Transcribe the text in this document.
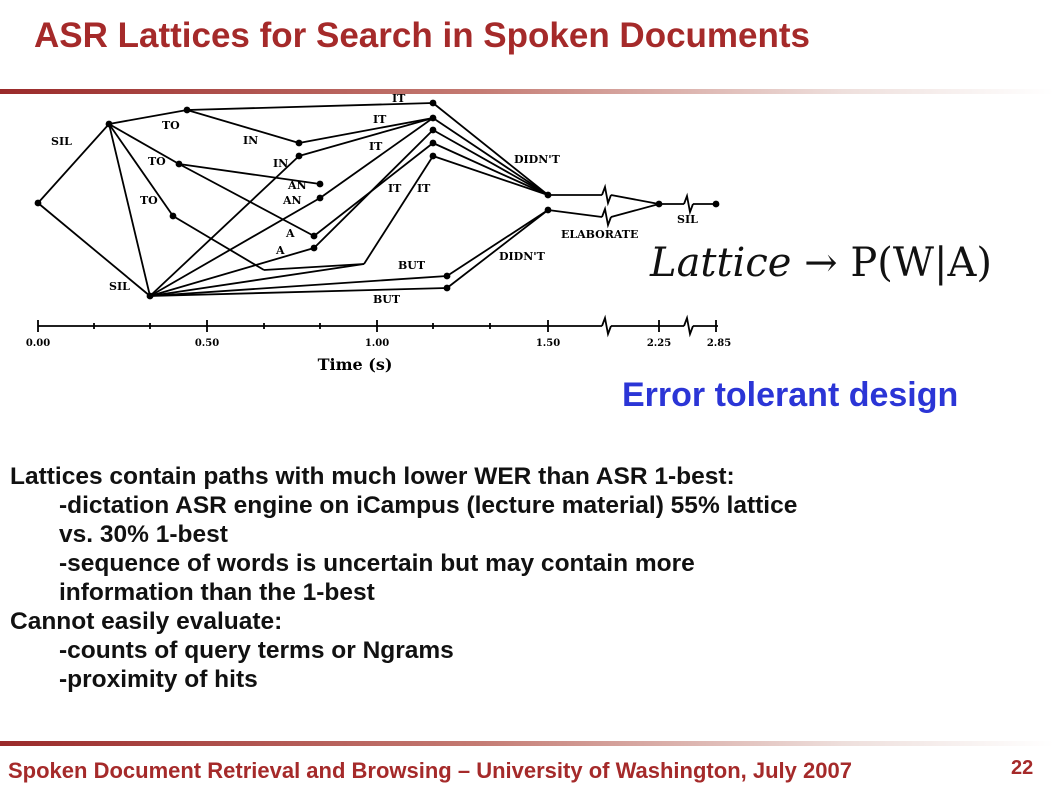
ASR Lattices for Search in Spoken Documents
SIL
SIL
TO
TO
TO
IN
IN
AN
AN
A
A
IT
IT
IT
IT IT
BUT
BUT
DIDN'T
DIDN'T
ELABORATE
SIL
0.00	0.50	1.00	1.50	2.25	2.85
Time (s)
Lattice → P(W|A)
Error tolerant design
Lattices contain paths with much lower WER than ASR 1-best:
-dictation ASR engine on iCampus (lecture material) 55% lattice
vs. 30% 1-best
-sequence of words is uncertain but may contain more
information than the 1-best
Cannot easily evaluate:
-counts of query terms or Ngrams
-proximity of hits
Spoken Document Retrieval and Browsing – University of Washington, July 2007	22
